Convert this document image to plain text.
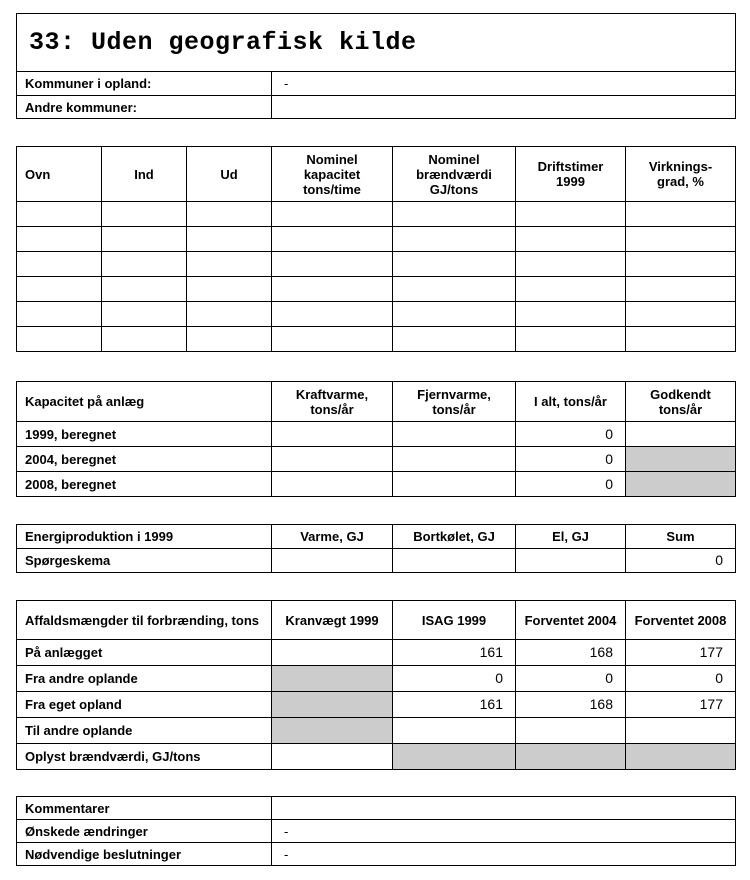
33: Uden geografisk kilde	
Kommuner i opland:	-
Andre kommuner:	
Ovn	Ind	Ud	Nominel kapacitet tons/time	Nominel brændværdi GJ/tons	Driftstimer 1999	Virknings-grad, %

Kapacitet på anlæg	Kraftvarme, tons/år	Fjernvarme, tons/år	I alt, tons/år	Godkendt tons/år
1999, beregnet			0	
2004, beregnet			0	
2008, beregnet			0	
Energiproduktion i 1999	Varme, GJ	Bortkølet, GJ	El, GJ	Sum
Spørgeskema				0
Affaldsmængder til forbrænding, tons	Kranvægt 1999	ISAG 1999	Forventet 2004	Forventet 2008
På anlægget		161	168	177
Fra andre oplande		0	0	0
Fra eget opland		161	168	177
Til andre oplande				
Oplyst brændværdi, GJ/tons				
Kommentarer	
Ønskede ændringer	-
Nødvendige beslutninger	-
